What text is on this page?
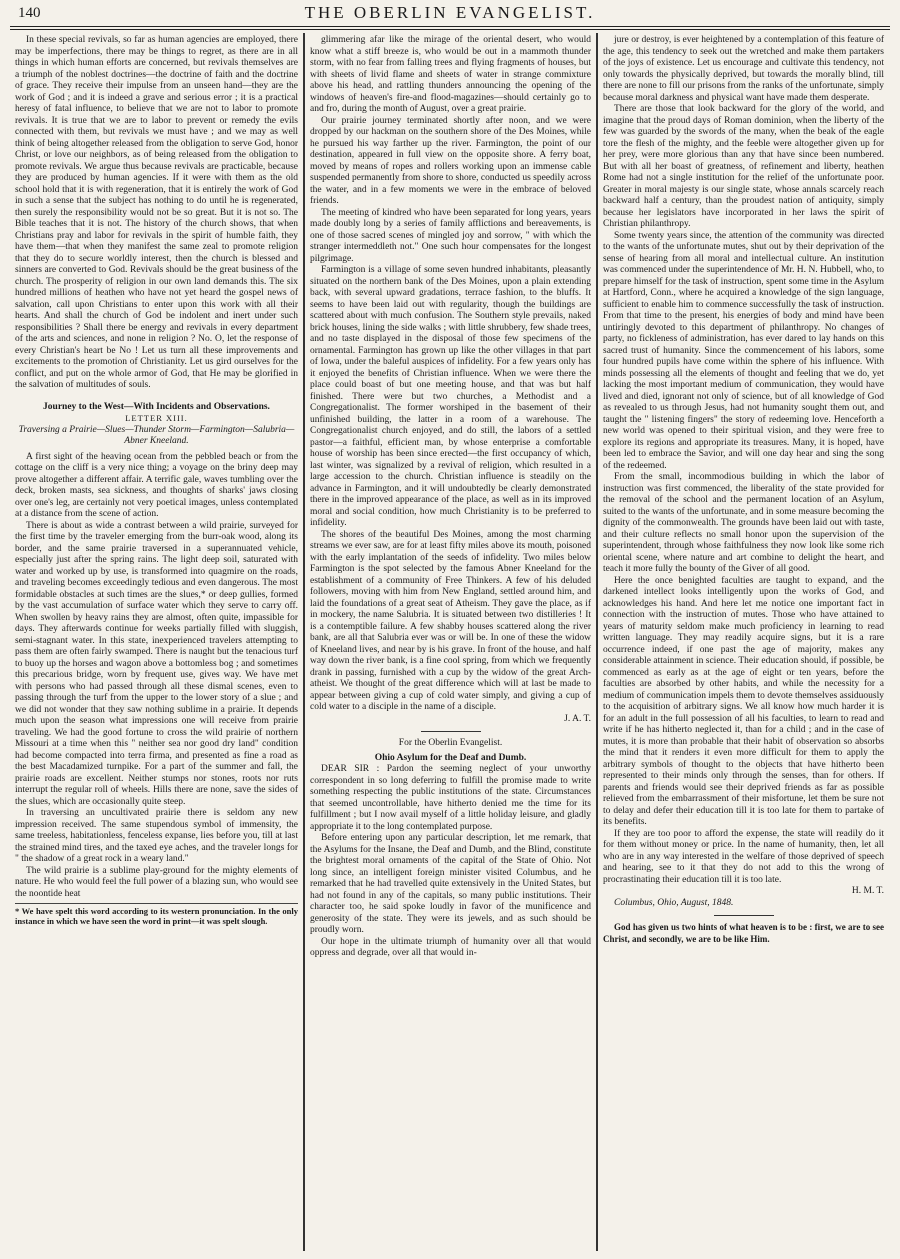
140	THE OBERLIN EVANGELIST.

In these special revivals, so far as human agencies are employed, there may be imperfections, there may be things to regret, as there are in all things in which human efforts are concerned, but revivals themselves are a triumph of the noblest doctrines—the doctrine of faith and the doctrine of grace. They receive their impulse from an unseen hand—they are the work of God ; and it is indeed a grave and serious error ; it is a practical heresy of fatal influence, to believe that we are not to labor to promote revivals. It is true that we are to labor to prevent or remedy the evils connected with them, but revivals we must have ; and we may as well think of being altogether released from the obligation to serve God, honor Christ, or love our neighbors, as of being released from the obligation to promote revivals. We argue thus because revivals are practicable, because they are produced by human agencies. If it were with them as the old school hold that it is with regeneration, that it is entirely the work of God in such a sense that the subject has nothing to do until he is regenerated, then surely the responsibility would not be so great. But it is not so. The Bible teaches that it is not. The history of the church shows, that when Christians pray and labor for revivals in the spirit of humble faith, they have them—that when they manifest the same zeal to promote religion that they do to secure worldly interest, then the church is blessed and sinners are converted to God. Revivals should be the great business of the church. The prosperity of religion in our own land demands this. The six hundred millions of heathen who have not yet heard the gospel news of salvation, call upon Christians to enter upon this work with all their hearts. And shall the church of God be indolent and inert under such responsibilities ? Shall there be energy and revivals in every department of the arts and sciences, and none in religion ? No. O, let the response of every Christian's heart be No ! Let us turn all these improvements and excitements to the promotion of Christianity. Let us gird ourselves for the conflict, and put on the whole armor of God, that He may be glorified in the salvation of multitudes of souls.

Journey to the West—With Incidents and Observations.
LETTER XIII.
Traversing a Prairie—Slues—Thunder Storm—Farmington—Salubria—Abner Kneeland.

A first sight of the heaving ocean from the pebbled beach or from the cottage on the cliff is a very nice thing; a voyage on the briny deep may prove altogether a different affair. A terrific gale, waves tumbling over the deck, broken masts, sea sickness, and thoughts of sharks' jaws closing over one's leg, are certainly not very poetical images, unless contemplated at a distance from the scene of action.

There is about as wide a contrast between a wild prairie, surveyed for the first time by the traveler emerging from the burr-oak wood, along its border, and the same prairie traversed in a superannuated vehicle, especially just after the spring rains. The light deep soil, saturated with water and worked up by use, is transformed into quagmire on the roads, and traveling becomes exceedingly tedious and even dangerous. The most formidable obstacles at such times are the slues,* or deep gullies, formed by the vast accumulation of surface water which they serve to carry off. When swollen by heavy rains they are almost, often quite, impassible for days. They afterwards continue for weeks partially filled with sluggish, semi-stagnant water. In this state, inexperienced travelers attempting to pass them are often fairly swamped. There is naught but the tenacious turf to buoy up the horses and wagon above a bottomless bog ; and sometimes this precarious bridge, worn by frequent use, gives way. We have met with persons who had passed through all these dismal scenes, even to passing through the turf from the upper to the lower story of a slue ; and we did not wonder that they saw nothing sublime in a prairie. It depends much upon the season what impressions one will receive from prairie traveling. We had the good fortune to cross the wild prairie of northern Missouri at a time when this " neither sea nor good dry land" condition had become compacted into terra firma, and presented as fine a road as the best Macadamized turnpike. For a part of the summer and fall, the prairie roads are excellent. Neither stumps nor stones, roots nor ruts interrupt the regular roll of wheels. Hills there are none, save the sides of the slues, which are occasionally quite steep.

In traversing an uncultivated prairie there is seldom any new impression received. The same stupendous symbol of immensity, the same treeless, habitationless, fenceless expanse, lies before you, till at last the strained mind tires, and the taxed eye aches, and the traveler longs for " the shadow of a great rock in a weary land."

The wild prairie is a sublime play-ground for the mighty elements of nature. He who would feel the full power of a blazing sun, who would see the noontide heat

* We have spelt this word according to its western pronunciation. In the only instance in which we have seen the word in print—it was spelt slough.

glimmering afar like the mirage of the oriental desert, who would know what a stiff breeze is, who would be out in a mammoth thunder storm, with no fear from falling trees and flying fragments of houses, but with sheets of livid flame and sheets of water in strange commixture above his head, and rattling thunders announcing the opening of the windows of heaven's fire-and flood-magazines—should certainly go to and fro, during the month of August, over a great prairie.

Our prairie journey terminated shortly after noon, and we were dropped by our hackman on the southern shore of the Des Moines, while he pursued his way farther up the river. Farmington, the point of our destination, appeared in full view on the opposite shore. A ferry boat, moved by means of ropes and rollers working upon an immense cable suspended permanently from shore to shore, conducted us speedily across the water, and in a few moments we were in the embrace of beloved friends.

The meeting of kindred who have been separated for long years, years made doubly long by a series of family afflictions and bereavements, is one of those sacred scenes of mingled joy and sorrow, " with which the stranger intermeddleth not." One such hour compensates for the longest pilgrimage.

Farmington is a village of some seven hundred inhabitants, pleasantly situated on the northern bank of the Des Moines, upon a plain extending back, with several upward gradations, terrace fashion, to the bluffs. It seems to have been laid out with regularity, though the buildings are scattered about with much confusion. The Southern style prevails, naked brick houses, lining the side walks ; with little shrubbery, few shade trees, and no taste displayed in the disposal of those few specimens of the ornamental. Farmington has grown up like the other villages in that part of Iowa, under the baleful auspices of infidelity. For a few years only has it enjoyed the benefits of Christian influence. When we were there the place could boast of but one meeting house, and that was but half finished. There were but two churches, a Methodist and a Congregationalist. The former worshiped in the basement of their unfinished building, the latter in a room of a warehouse. The Congregationalist church enjoyed, and do still, the labors of a settled pastor—a faithful, efficient man, by whose enterprise a comfortable house of worship has been since erected—the first occupancy of which, last winter, was signalized by a revival of religion, which resulted in a large accession to the church. Christian influence is steadily on the advance in Farmington, and it will undoubtedly be clearly demonstrated there in the improved appearance of the place, as well as in its improved moral and social condition, how much Christianity is to be preferred to infidelity.

The shores of the beautiful Des Moines, among the most charming streams we ever saw, are for at least fifty miles above its mouth, poisoned with the early implantation of the seeds of infidelity. Two miles below Farmington is the spot selected by the famous Abner Kneeland for the establishment of a community of Free Thinkers. A few of his deluded followers, moving with him from New England, settled around him, and laid the foundations of a great seat of Atheism. They gave the place, as if in mockery, the name Salubria. It is situated between two distilleries ! It is a contemptible failure. A few shabby houses scattered along the river bank, are all that Salubria ever was or will be. In one of these the widow of Kneeland lives, and near by is his grave. In front of the house, and half way down the river bank, is a fine cool spring, from which we frequently drank in passing, furnished with a cup by the widow of the great Arch-atheist. We thought of the great difference which will at last be made to appear between giving a cup of cold water simply, and giving a cup of cold water to a disciple in the name of a disciple.

J. A. T.
For the Oberlin Evangelist.
Ohio Asylum for the Deaf and Dumb.

DEAR SIR : Pardon the seeming neglect of your unworthy correspondent in so long deferring to fulfill the promise made to write something respecting the public institutions of the state. Circumstances that seemed uncontrollable, have hitherto denied me the time for its fulfillment ; but I now avail myself of a little holiday leisure, and gladly appropriate it to the long contemplated purpose.

Before entering upon any particular description, let me remark, that the Asylums for the Insane, the Deaf and Dumb, and the Blind, constitute the brightest moral ornaments of the capital of the State of Ohio. Not long since, an intelligent foreign minister visited Columbus, and he remarked that he had travelled quite extensively in the United States, but had not found in any of the capitals, so many public institutions. Their character too, he said spoke loudly in favor of the munificence and generosity of the state. They were its jewels, and as such should be proudly worn.

Our hope in the ultimate triumph of humanity over all that would oppress and degrade, over all that would in-

jure or destroy, is ever heightened by a contemplation of this feature of the age, this tendency to seek out the wretched and make them partakers of the joys of existence. Let us encourage and cultivate this tendency, not only towards the physically deprived, but towards the morally blind, till there are none to fill our prisons from the ranks of the unfortunate, simply because moral darkness and physical want have made them desperate.

There are those that look backward for the glory of the world, and imagine that the proud days of Roman dominion, when the liberty of the few was guarded by the swords of the many, when the beak of the eagle tore the flesh of the mighty, and the feeble were altogether given up for her prey, were more glorious than any that have since been numbered. But with all her boast of greatness, of refinement and liberty, heathen Rome had not a single institution for the relief of the unfortunate poor. Greater in moral majesty is our single state, whose annals scarcely reach backward half a century, than the proudest nation of antiquity, simply because her legislators have incorporated in her laws the spirit of Christian philanthropy.

Some twenty years since, the attention of the community was directed to the wants of the unfortunate mutes, shut out by their deprivation of the sense of hearing from all moral and intellectual culture. An institution was commenced under the superintendence of Mr. H. N. Hubbell, who, to prepare himself for the task of instruction, spent some time in the Asylum at Hartford, Conn., where he acquired a knowledge of the sign language, sufficient to enable him to commence successfully the task of instruction. From that time to the present, his energies of body and mind have been untiringly devoted to this department of philanthropy. No changes of party, no fickleness of administration, has ever dared to lay hands on this sacred trust of humanity. Since the commencement of his labors, some four hundred pupils have come within the sphere of his influence. With minds possessing all the elements of thought and feeling that we do, yet lacking the most important medium of communication, they would have lived and died, ignorant not only of science, but of all knowledge of God as revealed to us through Jesus, had not humanity sought them out, and taught the " listening fingers" the story of redeeming love. Henceforth a new world was opened to their spiritual vision, and they were free to explore its regions and appropriate its treasures. Many, it is hoped, have been led to embrace the Savior, and will one day hear and sing the song of the redeemed.

From the small, incommodious building in which the labor of instruction was first commenced, the liberality of the state provided for the removal of the school and the permanent location of an Asylum, suited to the wants of the unfortunate, and in some measure becoming the dignity of the commonwealth. The grounds have been laid out with taste, and their culture reflects no small honor upon the supervision of the superintendent, through whose faithfulness they now look like some rich oriental scene, where nature and art combine to delight the heart, and teach it more fully the bounty of the Giver of all good.

Here the once benighted faculties are taught to expand, and the darkened intellect looks intelligently upon the works of God, and acknowledges his hand. And here let me notice one important fact in connection with the instruction of mutes. Those who have attained to years of maturity seldom make much proficiency in learning to read written language. They may readily acquire signs, but it is a rare occurrence indeed, if one past the age of majority, makes any considerable attainment in science. Their education should, if possible, be commenced as early as at the age of eight or ten years, before the faculties are absorbed by other habits, and while the necessity for a medium of communication impels them to devote themselves assiduously to the acquisition of arbitrary signs. We all know how much harder it is for an adult in the full possession of all his faculties, to learn to read and write if he has hitherto neglected it, than for a child ; and in the case of mutes, it is more than probable that their habit of observation so absorbs the mind that it renders it even more difficult for them to apply the arbitrary symbols of thought to the objects that have hitherto been represented to their minds only through the senses, than for others. If parents and friends would see their deprived friends as far as possible relieved from the embarrassment of their misfortune, let them be sure not to delay and defer their education till it is too late for them to partake of its benefits.

If they are too poor to afford the expense, the state will readily do it for them without money or price. In the name of humanity, then, let all who are in any way interested in the welfare of those deprived of speech and hearing, see to it that they do not add to this the wrong of procrastinating their education till it is too late.

H. M. T.

Columbus, Ohio, August, 1848.

God has given us two hints of what heaven is to be : first, we are to see Christ, and secondly, we are to be like Him.
